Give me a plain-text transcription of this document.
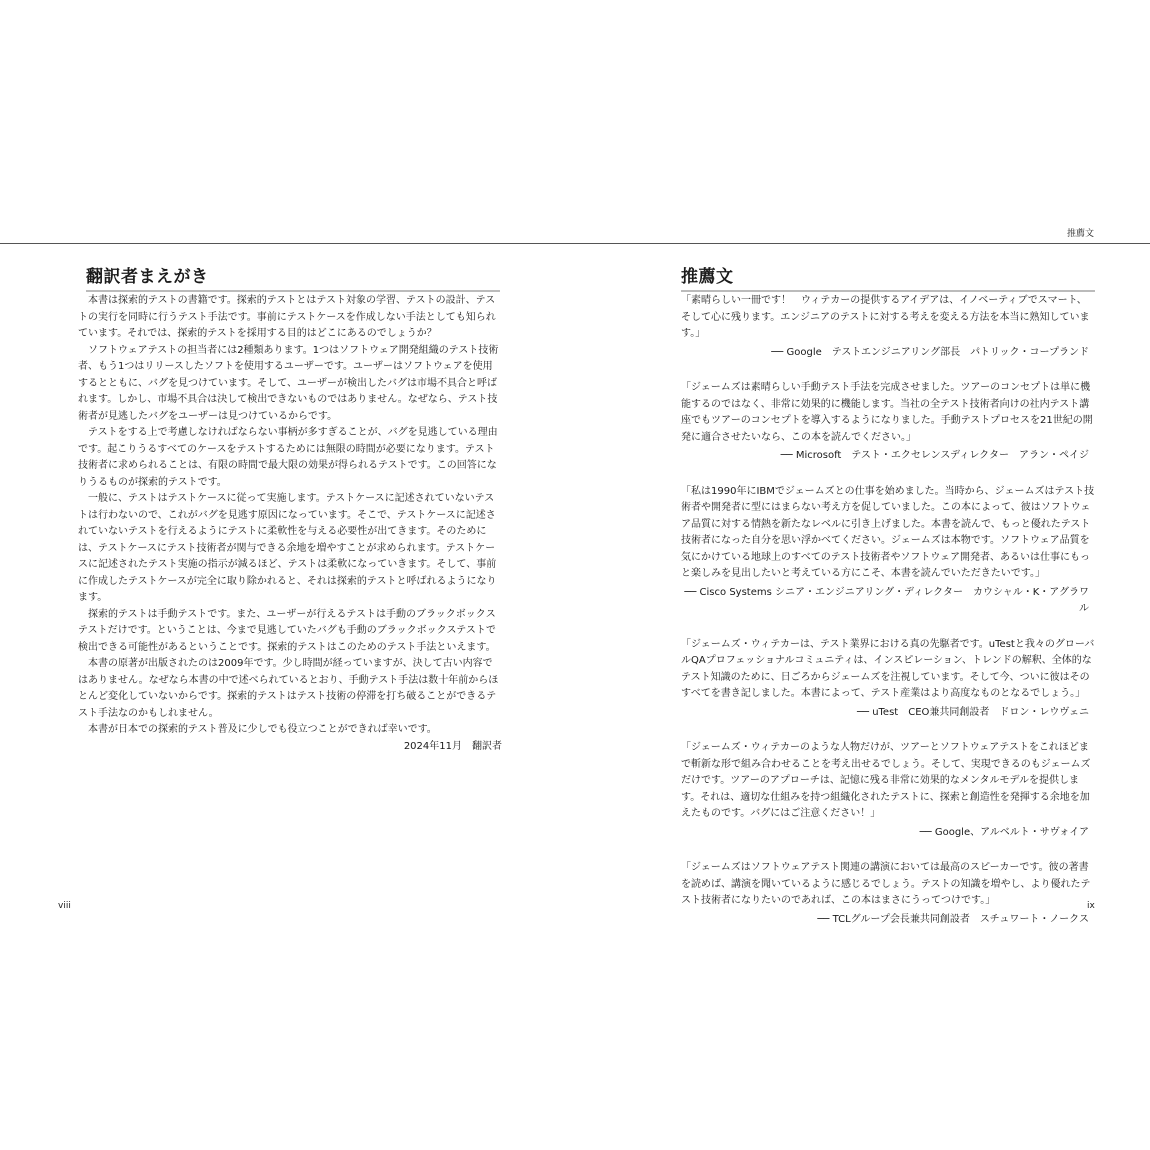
翻訳者まえがき

本書は探索的テストの書籍です。探索的テストとはテスト対象の学習、テストの設計、テストの実行を同時に行うテスト手法です。事前にテストケースを作成しない手法としても知られています。それでは、探索的テストを採用する目的はどこにあるのでしょうか？

ソフトウェアテストの担当者には2種類あります。1つはソフトウェア開発組織のテスト技術者、もう1つはリリースしたソフトを使用するユーザーです。ユーザーはソフトウェアを使用するとともに、バグを見つけています。そして、ユーザーが検出したバグは市場不具合と呼ばれます。しかし、市場不具合は決して検出できないものではありません。なぜなら、テスト技術者が見逃したバグをユーザーは見つけているからです。

テストをする上で考慮しなければならない事柄が多すぎることが、バグを見逃している理由です。起こりうるすべてのケースをテストするためには無限の時間が必要になります。テスト技術者に求められることは、有限の時間で最大限の効果が得られるテストです。この回答になりうるものが探索的テストです。

一般に、テストはテストケースに従って実施します。テストケースに記述されていないテストは行わないので、これがバグを見逃す原因になっています。そこで、テストケースに記述されていないテストを行えるようにテストに柔軟性を与える必要性が出てきます。そのためには、テストケースにテスト技術者が関与できる余地を増やすことが求められます。テストケースに記述されたテスト実施の指示が減るほど、テストは柔軟になっていきます。そして、事前に作成したテストケースが完全に取り除かれると、それは探索的テストと呼ばれるようになります。

探索的テストは手動テストです。また、ユーザーが行えるテストは手動のブラックボックステストだけです。ということは、今まで見逃していたバグも手動のブラックボックステストで検出できる可能性があるということです。探索的テストはこのためのテスト手法といえます。

本書の原著が出版されたのは2009年です。少し時間が経っていますが、決して古い内容ではありません。なぜなら本書の中で述べられているとおり、手動テスト手法は数十年前からほとんど変化していないからです。探索的テストはテスト技術の停滞を打ち破ることができるテスト手法なのかもしれません。

本書が日本での探索的テスト普及に少しでも役立つことができれば幸いです。

2024年11月　翻訳者

viii
推薦文
推薦文

「素晴らしい一冊です！　ウィテカーの提供するアイデアは、イノベーティブでスマート、そして心に残ります。エンジニアのテストに対する考えを変える方法を本当に熟知しています。」

── Google　テストエンジニアリング部長　パトリック・コープランド

「ジェームズは素晴らしい手動テスト手法を完成させました。ツアーのコンセプトは単に機能するのではなく、非常に効果的に機能します。当社の全テスト技術者向けの社内テスト講座でもツアーのコンセプトを導入するようになりました。手動テストプロセスを21世紀の開発に適合させたいなら、この本を読んでください。」

── Microsoft　テスト・エクセレンスディレクター　アラン・ペイジ

「私は1990年にIBMでジェームズとの仕事を始めました。当時から、ジェームズはテスト技術者や開発者に型にはまらない考え方を促していました。この本によって、彼はソフトウェア品質に対する情熱を新たなレベルに引き上げました。本書を読んで、もっと優れたテスト技術者になった自分を思い浮かべてください。ジェームズは本物です。ソフトウェア品質を気にかけている地球上のすべてのテスト技術者やソフトウェア開発者、あるいは仕事にもっと楽しみを見出したいと考えている方にこそ、本書を読んでいただきたいです。」

── Cisco Systems シニア・エンジニアリング・ディレクター　カウシャル・K・アグラワル

「ジェームズ・ウィテカーは、テスト業界における真の先駆者です。uTestと我々のグローバルQAプロフェッショナルコミュニティは、インスピレーション、トレンドの解釈、全体的なテスト知識のために、日ごろからジェームズを注視しています。そして今、ついに彼はそのすべてを書き記しました。本書によって、テスト産業はより高度なものとなるでしょう。」

── uTest　CEO兼共同創設者　ドロン・レウヴェニ

「ジェームズ・ウィテカーのような人物だけが、ツアーとソフトウェアテストをこれほどまで斬新な形で組み合わせることを考え出せるでしょう。そして、実現できるのもジェームズだけです。ツアーのアプローチは、記憶に残る非常に効果的なメンタルモデルを提供します。それは、適切な仕組みを持つ組織化されたテストに、探索と創造性を発揮する余地を加えたものです。バグにはご注意ください！」

── Google、アルベルト・サヴォイア

「ジェームズはソフトウェアテスト関連の講演においては最高のスピーカーです。彼の著書を読めば、講演を聞いているように感じるでしょう。テストの知識を増やし、より優れたテスト技術者になりたいのであれば、この本はまさにうってつけです。」

── TCLグループ会長兼共同創設者　スチュワート・ノークス

ix
